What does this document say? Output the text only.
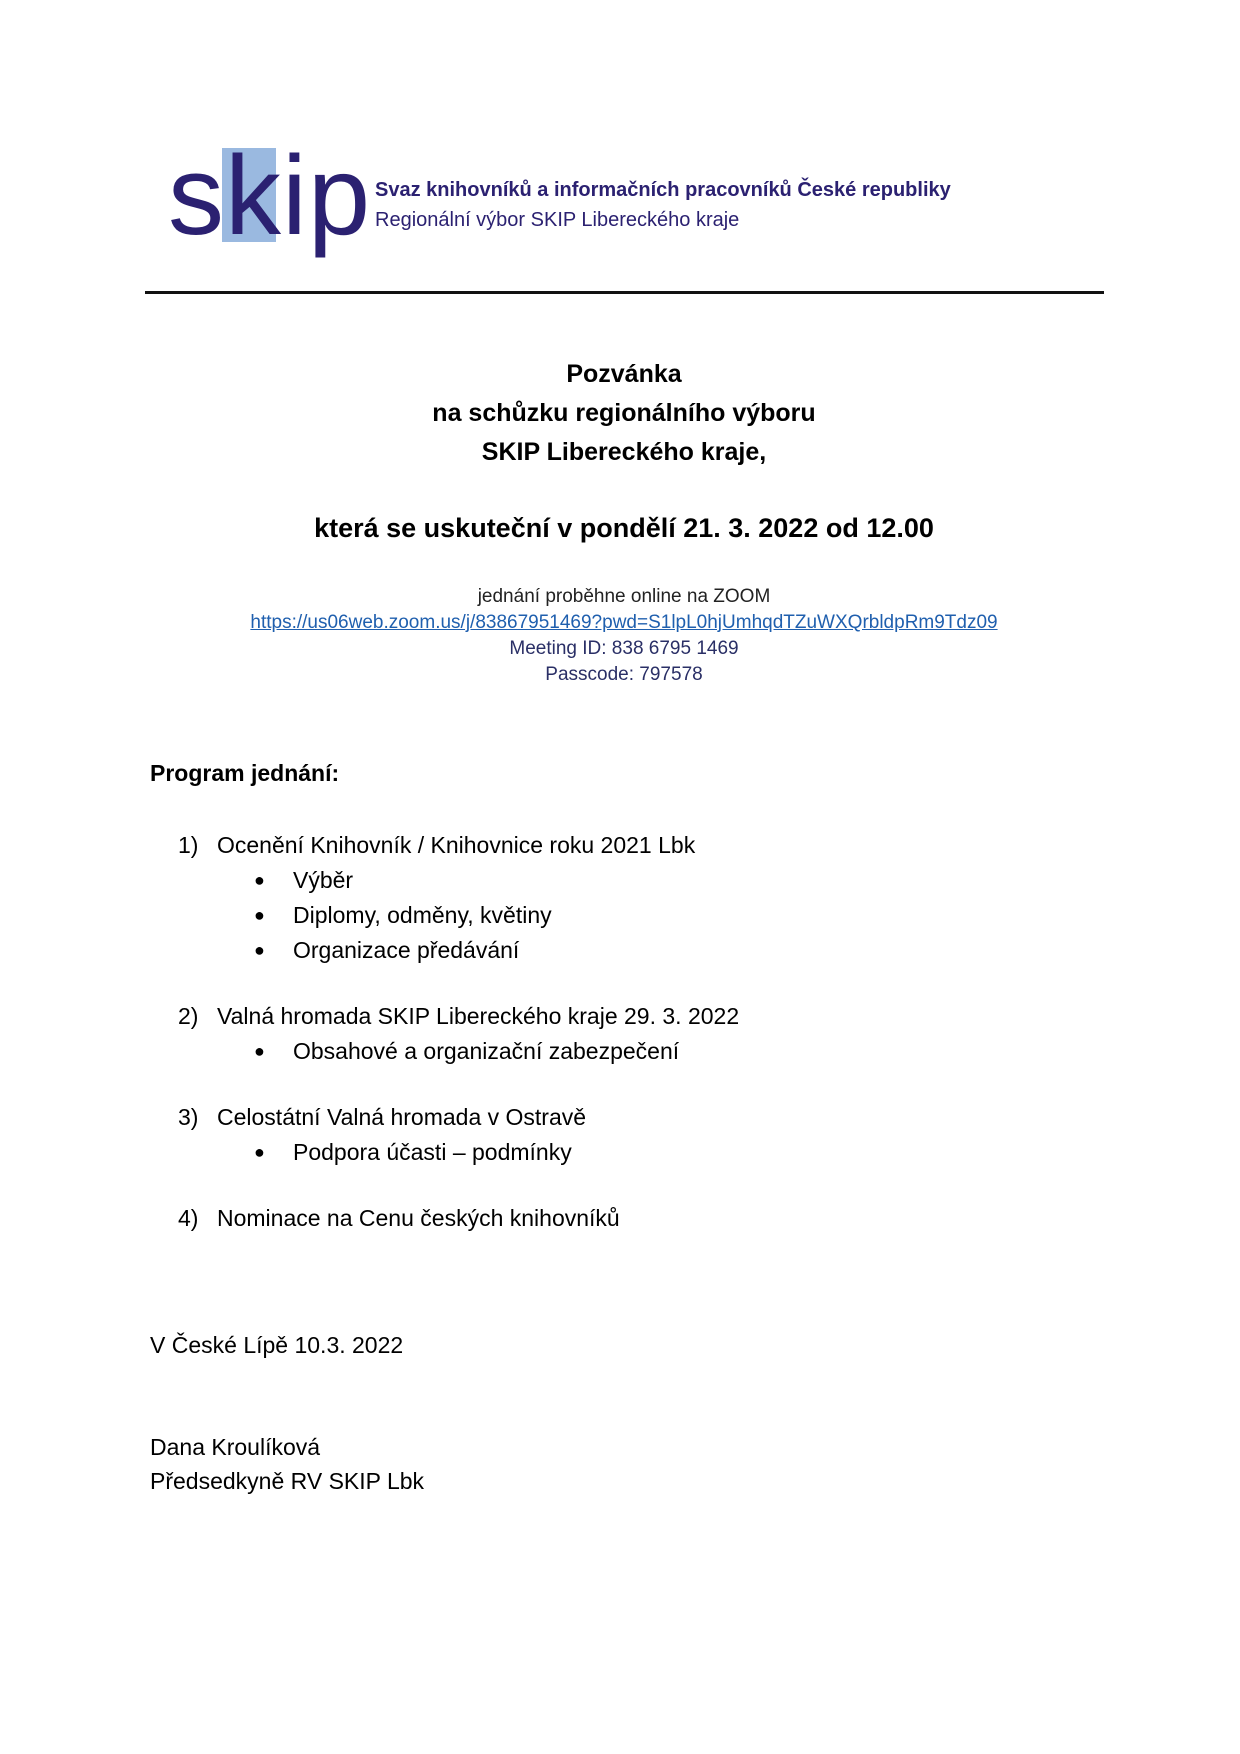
skip Svaz knihovníků a informačních pracovníků České republiky
Regionální výbor SKIP Libereckého kraje
Pozvánka
na schůzku regionálního výboru
SKIP Libereckého kraje,
která se uskuteční v pondělí 21. 3. 2022 od 12.00
jednání proběhne online na ZOOM
https://us06web.zoom.us/j/83867951469?pwd=S1lpL0hjUmhqdTZuWXQrbldpRm9Tdz09
Meeting ID: 838 6795 1469
Passcode: 797578
Program jednání:
1) Ocenění Knihovník / Knihovnice roku 2021 Lbk
● Výběr
● Diplomy, odměny, květiny
● Organizace předávání
2) Valná hromada SKIP Libereckého kraje 29. 3. 2022
● Obsahové a organizační zabezpečení
3) Celostátní Valná hromada v Ostravě
● Podpora účasti – podmínky
4) Nominace na Cenu českých knihovníků
V České Lípě 10.3. 2022
Dana Kroulíková
Předsedkyně RV SKIP Lbk
